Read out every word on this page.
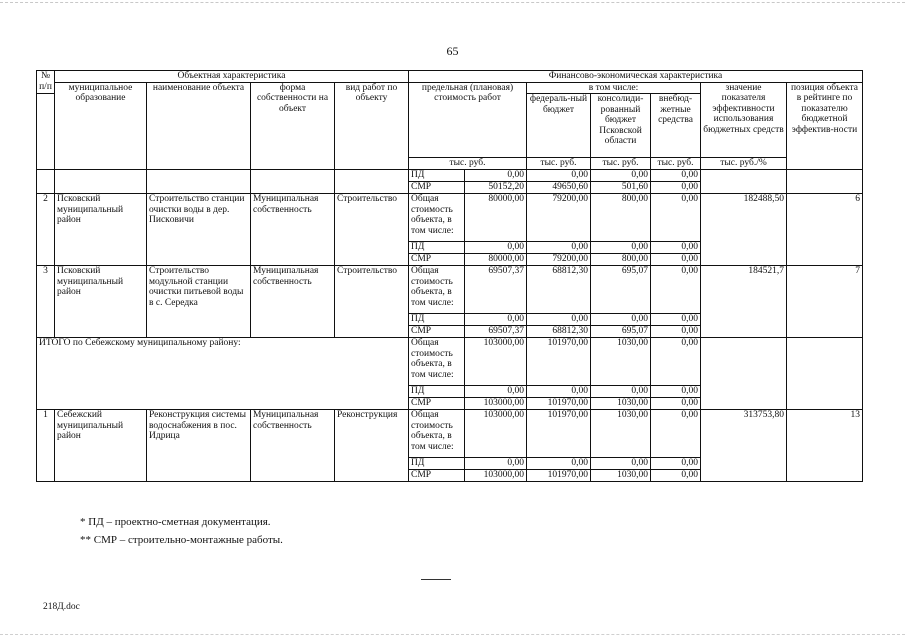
65
№ п/п	Объектная характеристика				Финансово-экономическая характеристика						
	муниципальное образование	наименование объекта	форма собственности на объект	вид работ по объекту	предельная (плановая) стоимость работ		в том числе:			значение показателя эффективности использования бюджетных средств	позиция объекта в рейтинге по показателю бюджетной эффектив-ности
							федераль-ный бюджет	консолиди-рованный бюджет Псковской области	внебюд-жетные средства		
					тыс. руб.		тыс. руб.	тыс. руб.	тыс. руб.	тыс. руб./%	
					ПД	0,00	0,00	0,00	0,00		
					СМР	50152,20	49650,60	501,60	0,00		
2	Псковский муниципальный район	Строительство станции очистки воды в дер. Пискoвичи	Муниципальная собственность	Строительство	Общая стоимость объекта, в том числе:	80000,00	79200,00	800,00	0,00	182488,50	6
					ПД	0,00	0,00	0,00	0,00		
					СМР	80000,00	79200,00	800,00	0,00		
3	Псковский муниципальный район	Строительство модульной станции очистки питьевой воды в с. Середка	Муниципальная собственность	Строительство	Общая стоимость объекта, в том числе:	69507,37	68812,30	695,07	0,00	184521,7	7
					ПД	0,00	0,00	0,00	0,00		
					СМР	69507,37	68812,30	695,07	0,00		
ИТОГО по Себежскому муниципальному району:					Общая стоимость объекта, в том числе:	103000,00	101970,00	1030,00	0,00		
					ПД	0,00	0,00	0,00	0,00		
					СМР	103000,00	101970,00	1030,00	0,00		
1	Себежский муниципальный район	Реконструкция системы водоснабжения в пос. Идрица	Муниципальная собственность	Реконструкция	Общая стоимость объекта, в том числе:	103000,00	101970,00	1030,00	0,00	313753,80	13
					ПД	0,00	0,00	0,00	0,00		
					СМР	103000,00	101970,00	1030,00	0,00		
* ПД – проектно-сметная документация.
** СМР – строительно-монтажные работы.
218Д.doc
